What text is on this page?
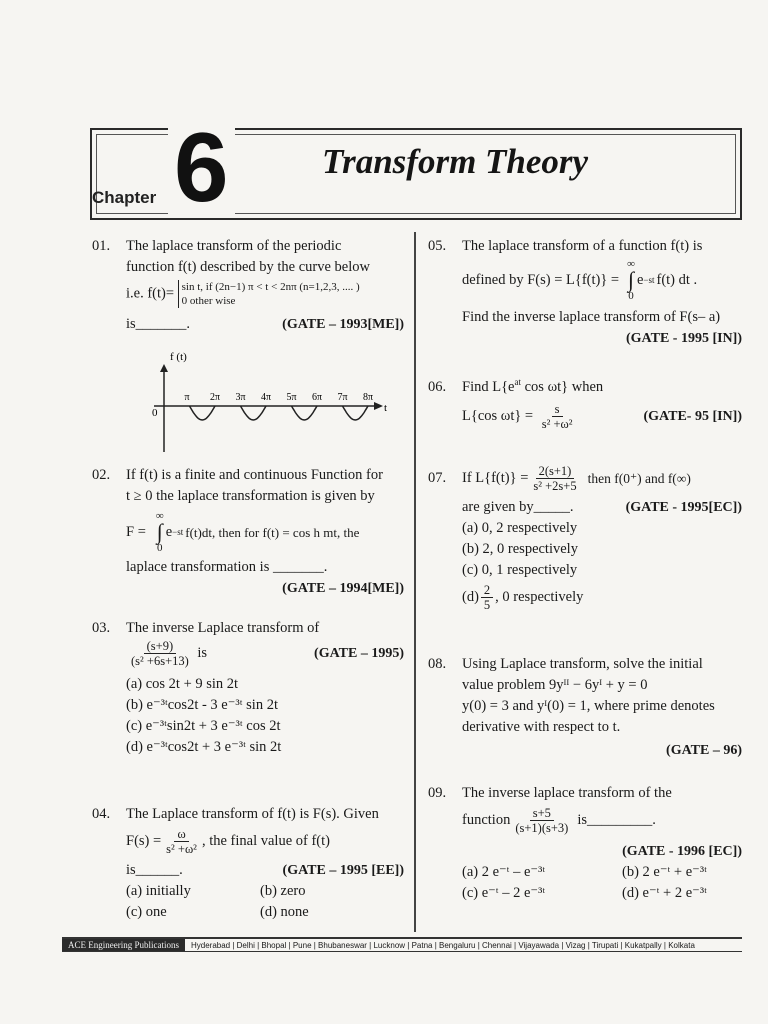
Chapter 6	Transform Theory
01. The laplace transform of the periodic
function f(t) described by the curve below
i.e. f(t)= sin t, if (2n−1) π < t < 2nπ (n=1,2,3, .... )
0 other wise
is_______.	(GATE – 1993[ME])
f (t)
t
0
π 2π 3π 4π 5π 6π 7π 8π
02. If f(t) is a finite and continuous Function for
t ≥ 0 the laplace transformation is given by
F =
∞
∫
0
e −st f(t)dt, then for f(t) = cos h mt, the
laplace transformation is _______.
(GATE – 1994[ME])
03. The inverse Laplace transform of
$\frac{(s+9)}{\text{(s² +6s+13)}}$ is	(GATE – 1995)
(a) cos 2t + 9 sin 2t
(b) e⁻³ᵗcos2t - 3 e⁻³ᵗ sin 2t
(c) e⁻³ᵗsin2t + 3 e⁻³ᵗ cos 2t
(d) e⁻³ᵗcos2t + 3 e⁻³ᵗ sin 2t
04. The Laplace transform of f(t) is F(s). Given
$F(s) = \frac{\omega}{\text{s² +ω²}}$ , the final value of f(t)
is______.	(GATE – 1995 [EE])
(a) initially	(b) zero
(c) one	(d) none
05. The laplace transform of a function f(t) is
defined by F(s) = L{f(t)} =
∞
∫
0
e −st f(t) dt .
Find the inverse laplace transform of F(s– a)
(GATE - 1995 [IN])
06. Find $L\{e^{at}$ cos ωt} when
L{cos $\omega t\} = \frac{s}{\text{s² +ω²}}$	(GATE- 95 [IN])
07.	If $L\{f(t)\} = \frac{2(s+1)}{\text{s² +2s+5}}$ then f(0⁺) and f(∞)
are given by_____.	(GATE - 1995[EC])
(a) 0, 2 respectively
(b) 2, 0 respectively
(c) 0, 1 respectively
$(d) \frac{2}{5}$ , 0 respectively
08. Using Laplace transform, solve the initial
value problem 9yᴵᴵ − 6yᴵ + y = 0
y(0) = 3 and yᴵ(0) = 1, where prime denotes
derivative with respect to t.
(GATE – 96)
09. The inverse laplace transform of the
function $\frac{s+5}{(s+1)(s+3)}$ is_________.
(GATE - 1996 [EC])
(a) 2 e⁻ᵗ – e⁻³ᵗ	(b) 2 e⁻ᵗ + e⁻³ᵗ
(c) e⁻ᵗ – 2 e⁻³ᵗ	(d) e⁻ᵗ + 2 e⁻³ᵗ
ACE Engineering Publications	Hyderabad | Delhi | Bhopal | Pune | Bhubaneswar | Lucknow | Patna | Bengaluru | Chennai | Vijayawada | Vizag | Tirupati | Kukatpally | Kolkata
